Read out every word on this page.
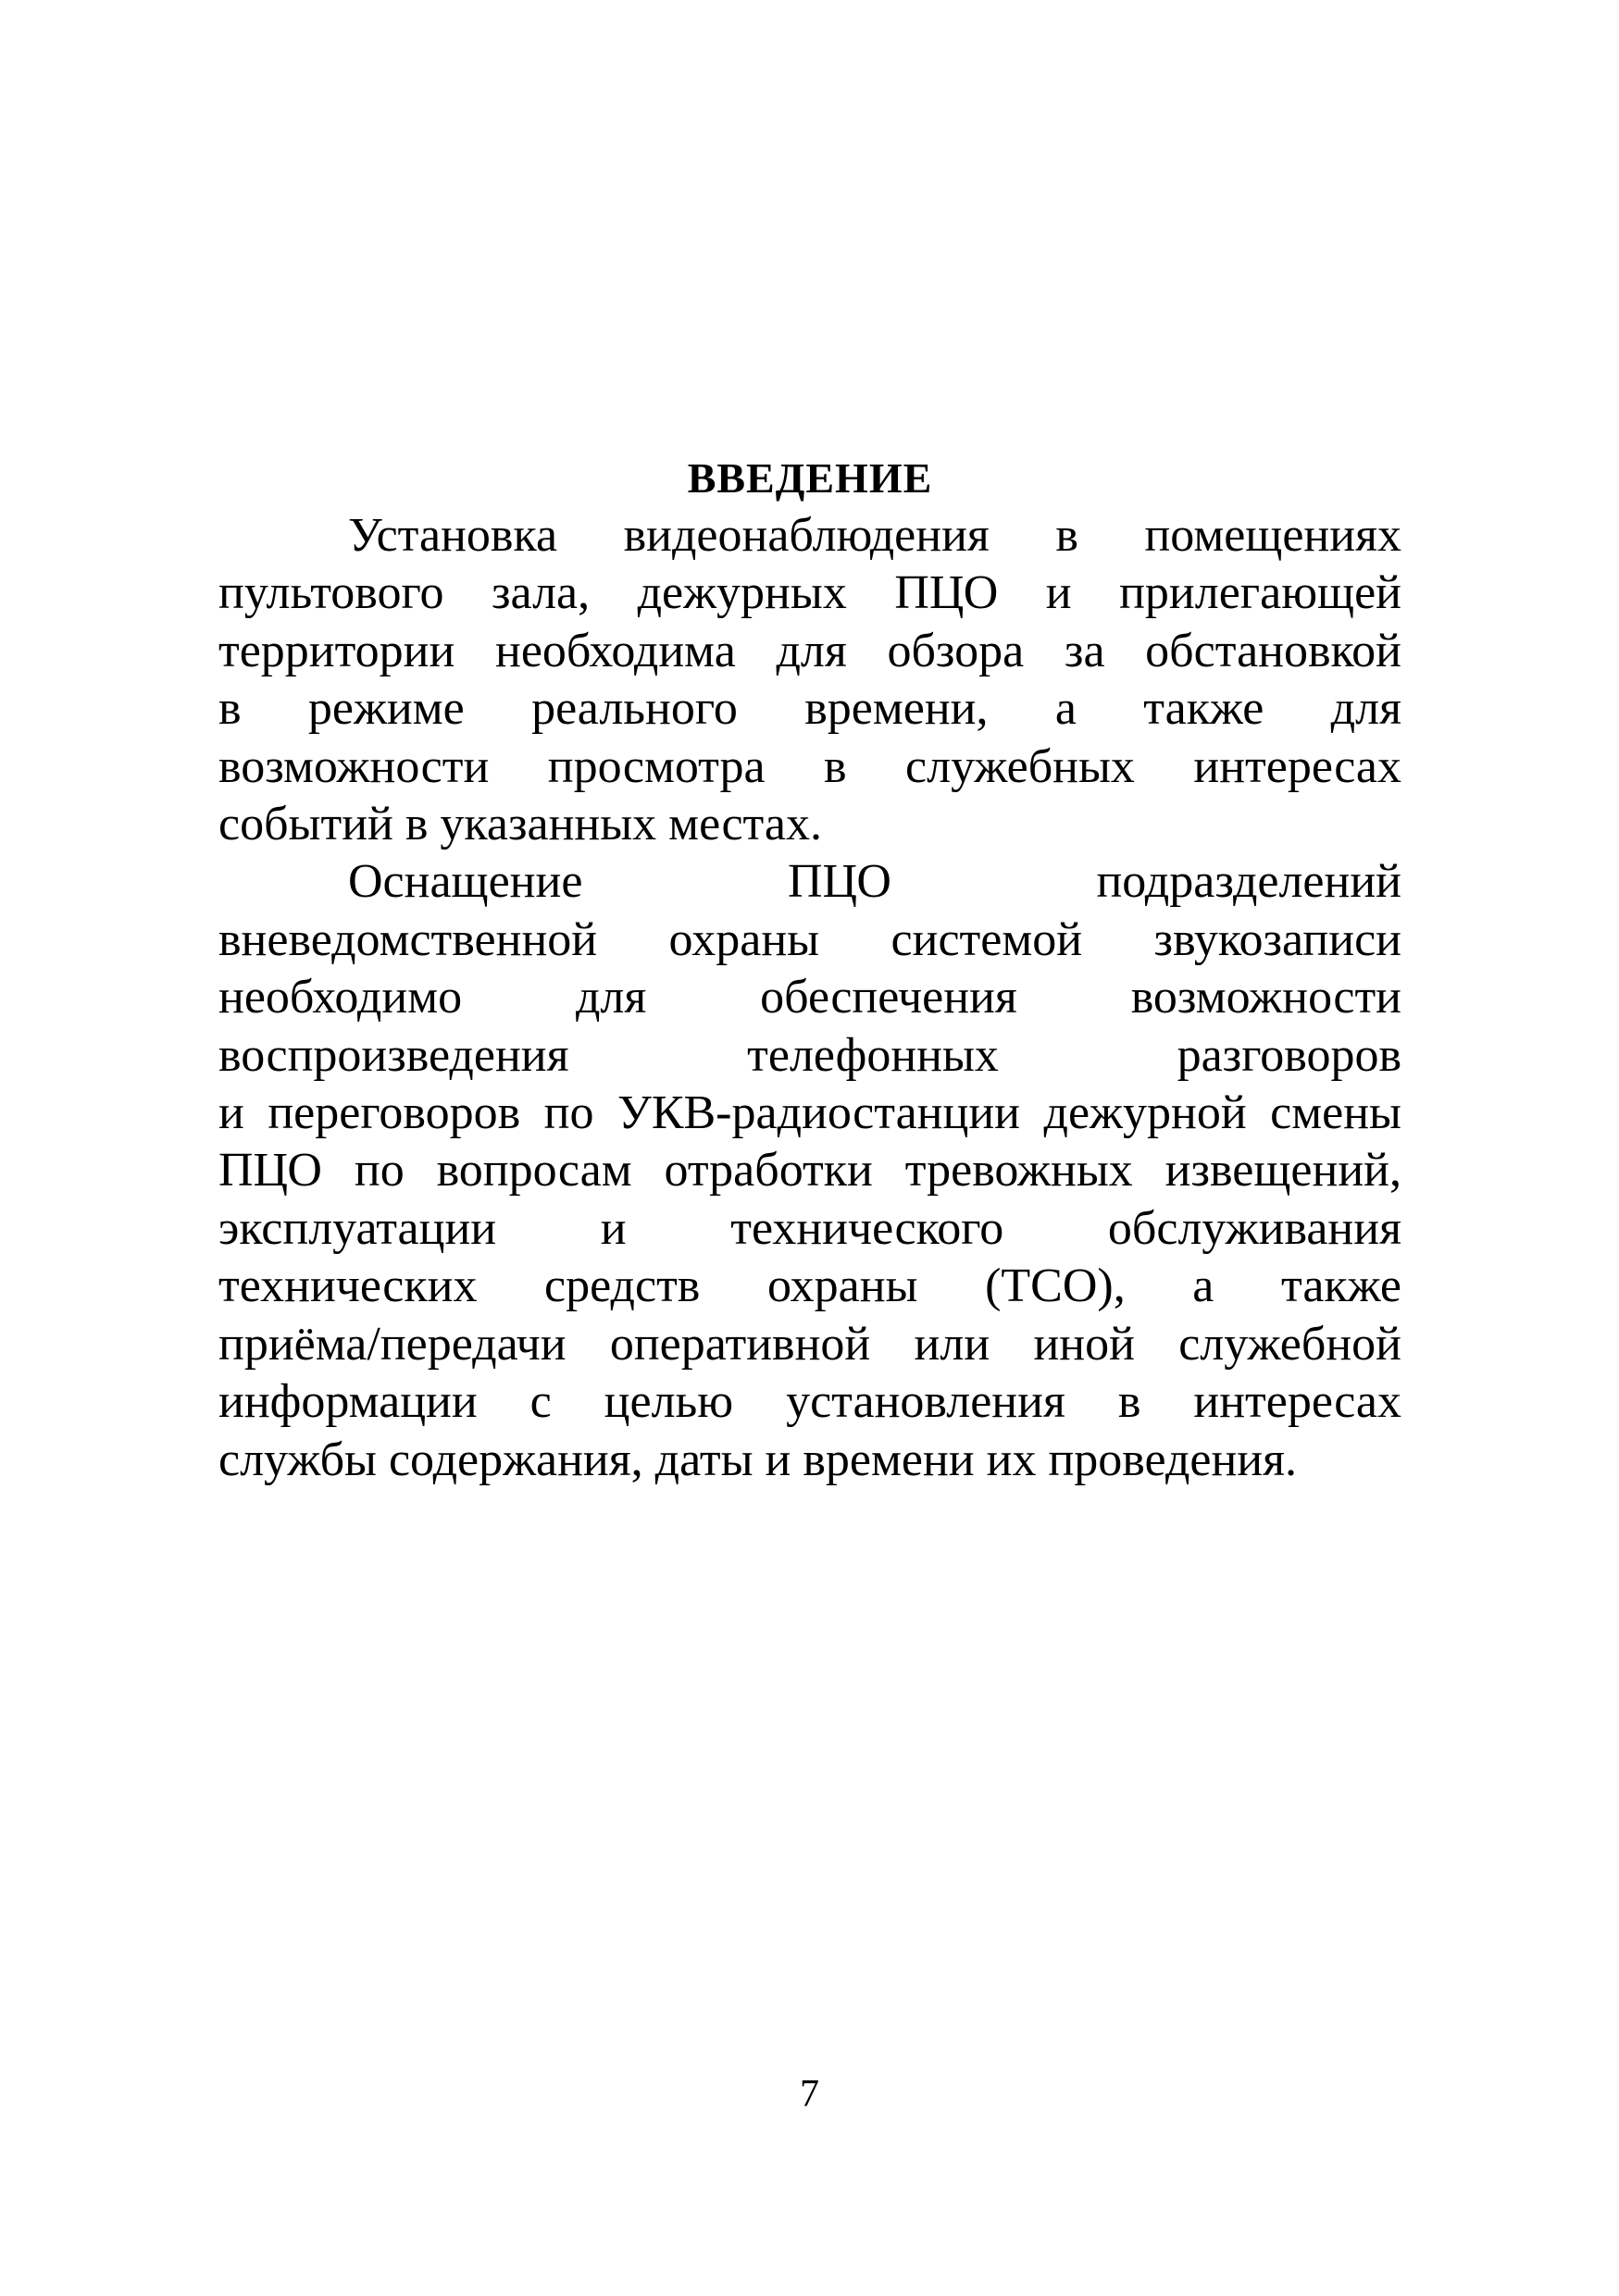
ВВЕДЕНИЕ

Установка видеонаблюдения в помещениях
пультового зала, дежурных ПЦО и прилегающей
территории необходима для обзора за обстановкой
в режиме реального времени, а также для
возможности просмотра в служебных интересах
событий в указанных местах.

Оснащение ПЦО подразделений
вневедомственной охраны системой звукозаписи
необходимо для обеспечения возможности
воспроизведения телефонных разговоров
и переговоров по УКВ-радиостанции дежурной смены
ПЦО по вопросам отработки тревожных извещений,
эксплуатации и технического обслуживания
технических средств охраны (ТСО), а также
приёма/передачи оперативной или иной служебной
информации с целью установления в интересах
службы содержания, даты и времени их проведения.

7
